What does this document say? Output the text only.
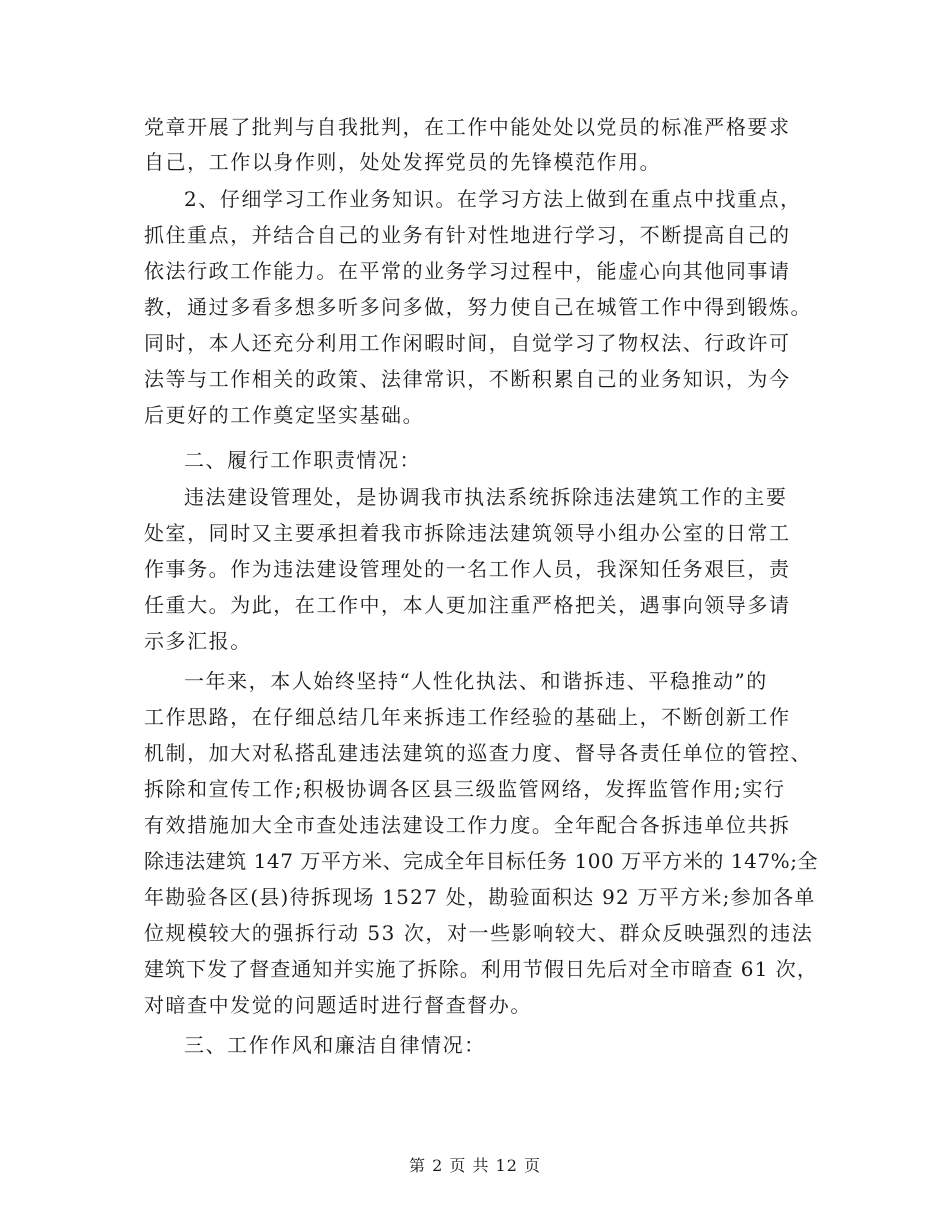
党章开展了批判与自我批判，在工作中能处处以党员的标准严格要求
自己，工作以身作则，处处发挥党员的先锋模范作用。
2、仔细学习工作业务知识。在学习方法上做到在重点中找重点，
抓住重点，并结合自己的业务有针对性地进行学习，不断提高自己的
依法行政工作能力。在平常的业务学习过程中，能虚心向其他同事请
教，通过多看多想多听多问多做，努力使自己在城管工作中得到锻炼。
同时，本人还充分利用工作闲暇时间，自觉学习了物权法、行政许可
法等与工作相关的政策、法律常识，不断积累自己的业务知识，为今
后更好的工作奠定坚实基础。
二、履行工作职责情况：
违法建设管理处，是协调我市执法系统拆除违法建筑工作的主要
处室，同时又主要承担着我市拆除违法建筑领导小组办公室的日常工
作事务。作为违法建设管理处的一名工作人员，我深知任务艰巨，责
任重大。为此，在工作中，本人更加注重严格把关，遇事向领导多请
示多汇报。
一年来，本人始终坚持“人性化执法、和谐拆违、平稳推动”的
工作思路，在仔细总结几年来拆违工作经验的基础上，不断创新工作
机制，加大对私搭乱建违法建筑的巡查力度、督导各责任单位的管控、
拆除和宣传工作;积极协调各区县三级监管网络，发挥监管作用;实行
有效措施加大全市查处违法建设工作力度。全年配合各拆违单位共拆
除违法建筑 147 万平方米、完成全年目标任务 100 万平方米的 147%;全
年勘验各区(县)待拆现场 1527 处，勘验面积达 92 万平方米;参加各单
位规模较大的强拆行动 53 次，对一些影响较大、群众反映强烈的违法
建筑下发了督查通知并实施了拆除。利用节假日先后对全市暗查 61 次，
对暗查中发觉的问题适时进行督查督办。
三、工作作风和廉洁自律情况：
第 2 页 共 12 页
